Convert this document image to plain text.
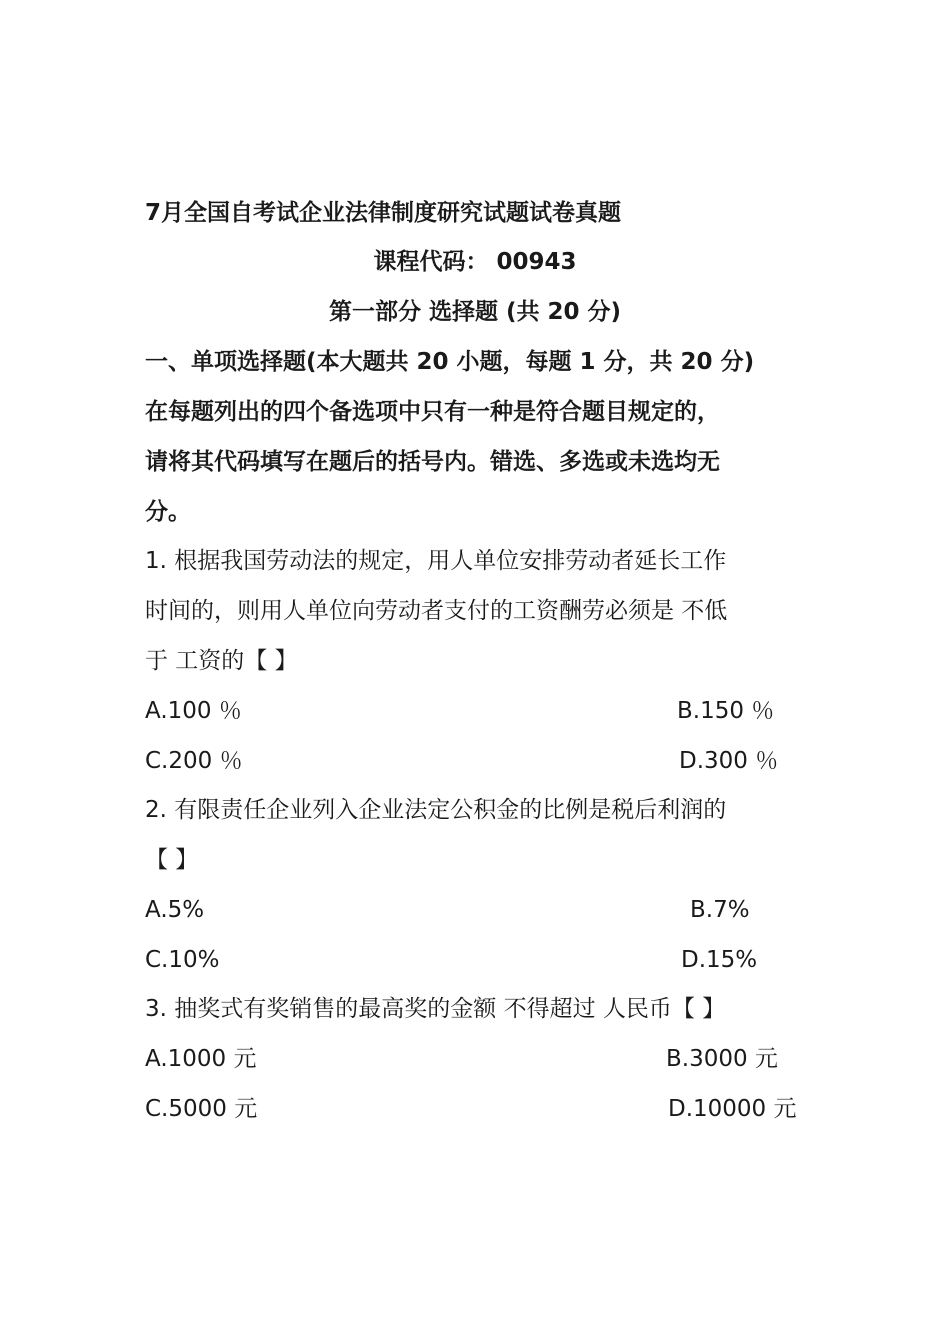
7月全国自考试企业法律制度研究试题试卷真题
课程代码： 00943
第一部分 选择题 (共 20 分)
一、单项选择题(本大题共 20 小题，每题 1 分，共 20 分)
在每题列出的四个备选项中只有一种是符合题目规定的，
请将其代码填写在题后的括号内。错选、多选或未选均无
分。
1. 根据我国劳动法的规定，用人单位安排劳动者延长工作
时间的，则用人单位向劳动者支付的工资酬劳必须是 不低
于 工资的【 】
A.100 ％	B.150 ％
C.200 ％	D.300 ％
2. 有限责任企业列入企业法定公积金的比例是税后利润的
【 】
A.5%	B.7%
C.10%	D.15%
3. 抽奖式有奖销售的最高奖的金额 不得超过 人民币【 】
A.1000 元	B.3000 元
C.5000 元	D.10000 元
